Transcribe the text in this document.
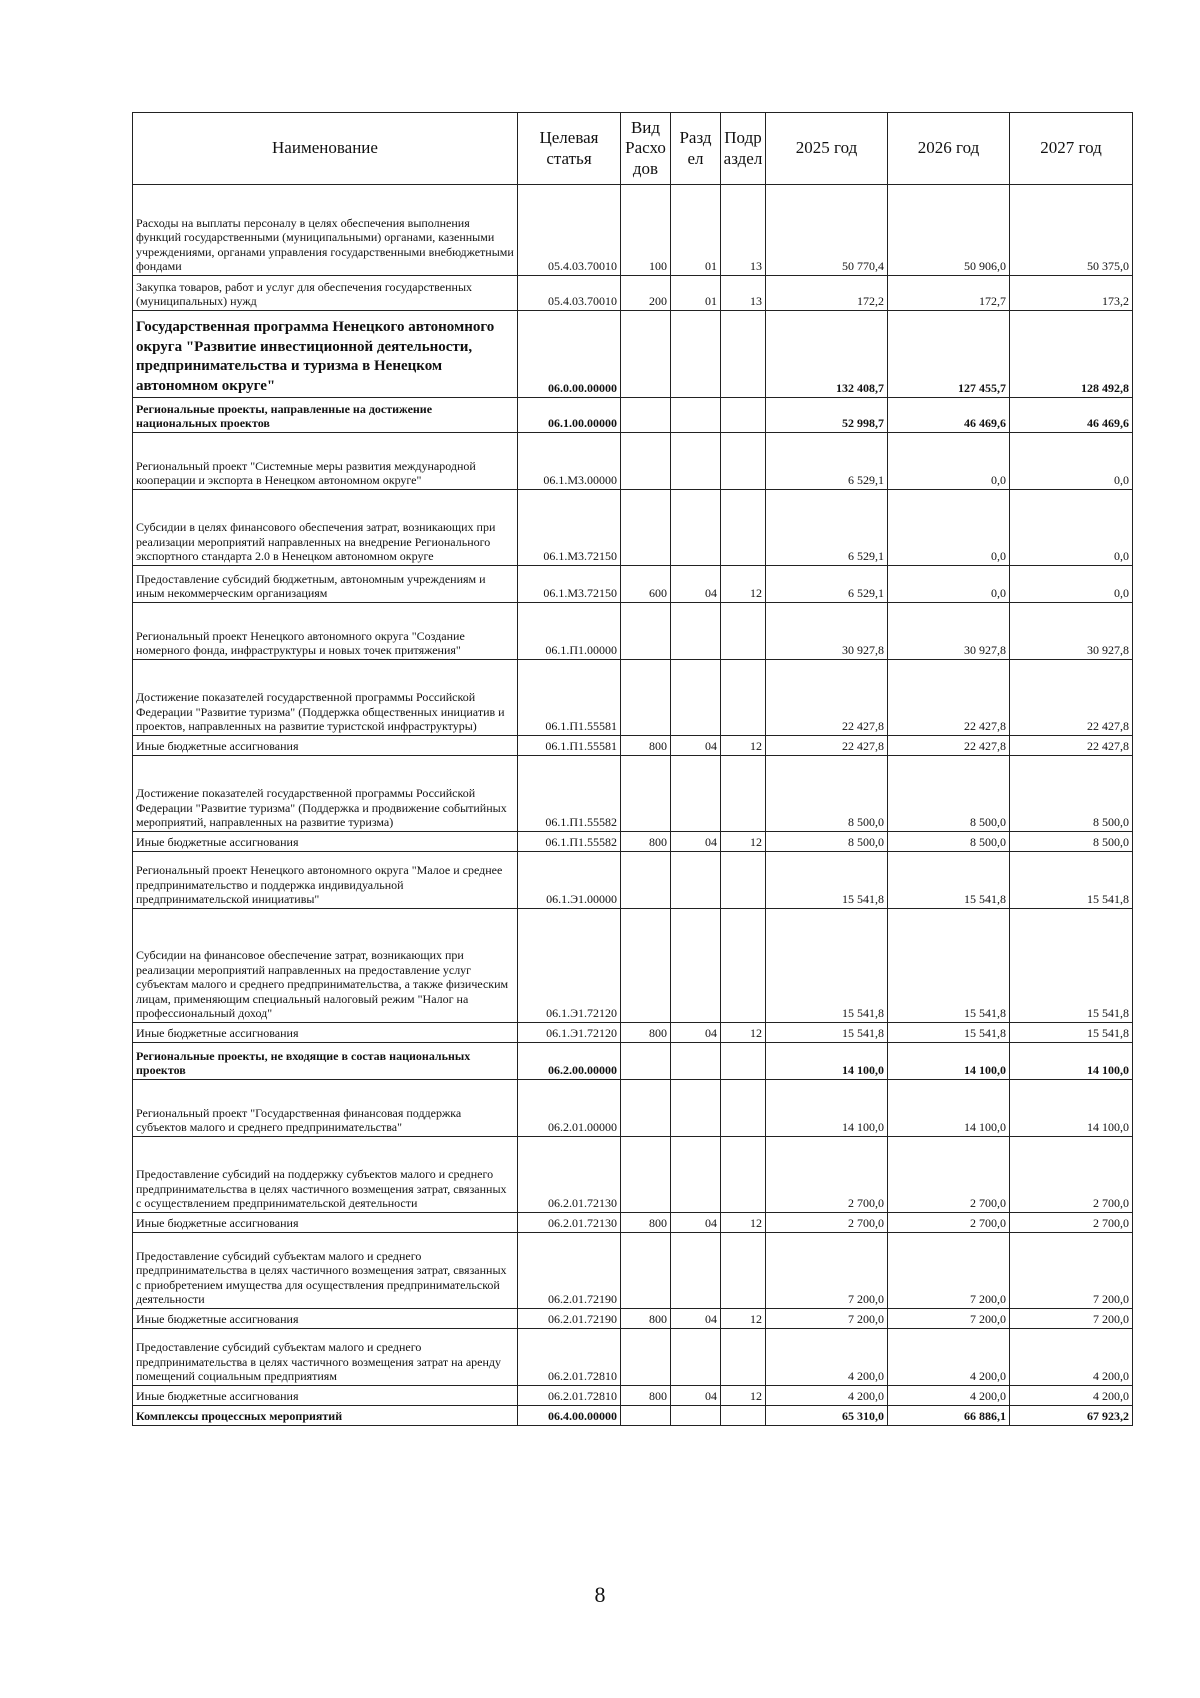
Наименование	Целевая статья	Вид Расхо дов	Разд ел	Подр аздел	2025 год	2026 год	2027 год
Расходы на выплаты персоналу в целях обеспечения выполнения функций государственными (муниципальными) органами, казенными учреждениями, органами управления государственными внебюджетными фондами	05.4.03.70010	100	01	13	50 770,4	50 906,0	50 375,0
Закупка товаров, работ и услуг для обеспечения государственных (муниципальных) нужд	05.4.03.70010	200	01	13	172,2	172,7	173,2
Государственная программа Ненецкого автономного округа "Развитие инвестиционной деятельности, предпринимательства и туризма в Ненецком автономном округе"	06.0.00.00000				132 408,7	127 455,7	128 492,8
Региональные проекты, направленные на достижение национальных проектов	06.1.00.00000				52 998,7	46 469,6	46 469,6
Региональный проект "Системные меры развития международной кооперации и экспорта в Ненецком автономном округе"	06.1.М3.00000				6 529,1	0,0	0,0
Субсидии в целях финансового обеспечения затрат, возникающих при реализации мероприятий направленных на внедрение Регионального экспортного стандарта 2.0 в Ненецком автономном округе	06.1.М3.72150				6 529,1	0,0	0,0
Предоставление субсидий бюджетным, автономным учреждениям и иным некоммерческим организациям	06.1.М3.72150	600	04	12	6 529,1	0,0	0,0
Региональный проект Ненецкого автономного округа "Создание номерного фонда, инфраструктуры и новых точек притяжения"	06.1.П1.00000				30 927,8	30 927,8	30 927,8
Достижение показателей государственной программы Российской Федерации "Развитие туризма" (Поддержка общественных инициатив и проектов, направленных на развитие туристской инфраструктуры)	06.1.П1.55581				22 427,8	22 427,8	22 427,8
Иные бюджетные ассигнования	06.1.П1.55581	800	04	12	22 427,8	22 427,8	22 427,8
Достижение показателей государственной программы Российской Федерации "Развитие туризма" (Поддержка и продвижение событийных мероприятий, направленных на развитие туризма)	06.1.П1.55582				8 500,0	8 500,0	8 500,0
Иные бюджетные ассигнования	06.1.П1.55582	800	04	12	8 500,0	8 500,0	8 500,0
Региональный проект Ненецкого автономного округа "Малое и среднее предпринимательство и поддержка индивидуальной предпринимательской инициативы"	06.1.Э1.00000				15 541,8	15 541,8	15 541,8
Субсидии на финансовое обеспечение затрат, возникающих при реализации мероприятий направленных на предоставление услуг субъектам малого и среднего предпринимательства, а также физическим лицам, применяющим специальный налоговый режим "Налог на профессиональный доход"	06.1.Э1.72120				15 541,8	15 541,8	15 541,8
Иные бюджетные ассигнования	06.1.Э1.72120	800	04	12	15 541,8	15 541,8	15 541,8
Региональные проекты, не входящие в состав национальных проектов	06.2.00.00000				14 100,0	14 100,0	14 100,0
Региональный проект "Государственная финансовая поддержка субъектов малого и среднего предпринимательства"	06.2.01.00000				14 100,0	14 100,0	14 100,0
Предоставление субсидий на поддержку субъектов малого и среднего предпринимательства в целях частичного возмещения затрат, связанных с осуществлением предпринимательской деятельности	06.2.01.72130				2 700,0	2 700,0	2 700,0
Иные бюджетные ассигнования	06.2.01.72130	800	04	12	2 700,0	2 700,0	2 700,0
Предоставление субсидий субъектам малого и среднего предпринимательства в целях частичного возмещения затрат, связанных с приобретением имущества для осуществления предпринимательской деятельности	06.2.01.72190				7 200,0	7 200,0	7 200,0
Иные бюджетные ассигнования	06.2.01.72190	800	04	12	7 200,0	7 200,0	7 200,0
Предоставление субсидий субъектам малого и среднего предпринимательства в целях частичного возмещения затрат на аренду помещений социальным предприятиям	06.2.01.72810				4 200,0	4 200,0	4 200,0
Иные бюджетные ассигнования	06.2.01.72810	800	04	12	4 200,0	4 200,0	4 200,0
Комплексы процессных мероприятий	06.4.00.00000				65 310,0	66 886,1	67 923,2
8
